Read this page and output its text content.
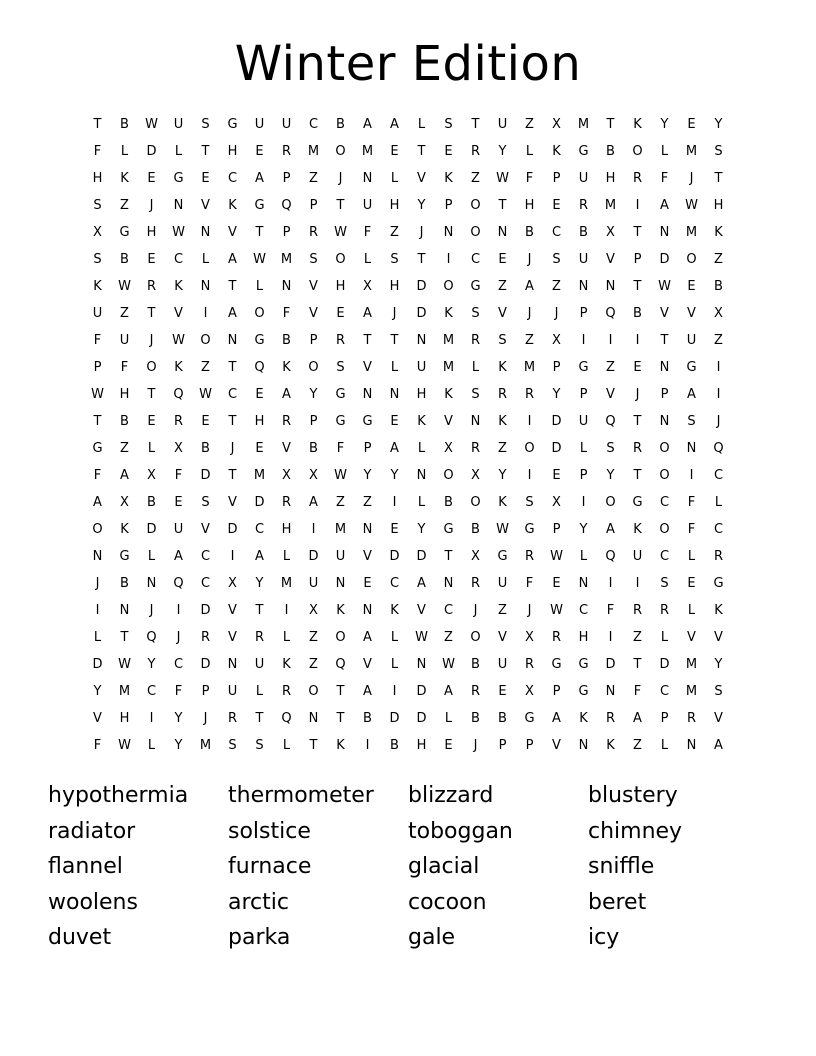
Winter Edition
T	B	W	U	S	G	U	U	C	B	A	A	L	S	T	U	Z	X	M	T	K	Y	E	Y
F	L	D	L	T	H	E	R	M	O	M	E	T	E	R	Y	L	K	G	B	O	L	M	S
H	K	E	G	E	C	A	P	Z	J	N	L	V	K	Z	W	F	P	U	H	R	F	J	T
S	Z	J	N	V	K	G	Q	P	T	U	H	Y	P	O	T	H	E	R	M	I	A	W	H
X	G	H	W	N	V	T	P	R	W	F	Z	J	N	O	N	B	C	B	X	T	N	M	K
S	B	E	C	L	A	W	M	S	O	L	S	T	I	C	E	J	S	U	V	P	D	O	Z
K	W	R	K	N	T	L	N	V	H	X	H	D	O	G	Z	A	Z	N	N	T	W	E	B
U	Z	T	V	I	A	O	F	V	E	A	J	D	K	S	V	J	J	P	Q	B	V	V	X
F	U	J	W	O	N	G	B	P	R	T	T	N	M	R	S	Z	X	I	I	I	T	U	Z
P	F	O	K	Z	T	Q	K	O	S	V	L	U	M	L	K	M	P	G	Z	E	N	G	I
W	H	T	Q	W	C	E	A	Y	G	N	N	H	K	S	R	R	Y	P	V	J	P	A	I
T	B	E	R	E	T	H	R	P	G	G	E	K	V	N	K	I	D	U	Q	T	N	S	J
G	Z	L	X	B	J	E	V	B	F	P	A	L	X	R	Z	O	D	L	S	R	O	N	Q
F	A	X	F	D	T	M	X	X	W	Y	Y	N	O	X	Y	I	E	P	Y	T	O	I	C
A	X	B	E	S	V	D	R	A	Z	Z	I	L	B	O	K	S	X	I	O	G	C	F	L
O	K	D	U	V	D	C	H	I	M	N	E	Y	G	B	W	G	P	Y	A	K	O	F	C
N	G	L	A	C	I	A	L	D	U	V	D	D	T	X	G	R	W	L	Q	U	C	L	R
J	B	N	Q	C	X	Y	M	U	N	E	C	A	N	R	U	F	E	N	I	I	S	E	G
I	N	J	I	D	V	T	I	X	K	N	K	V	C	J	Z	J	W	C	F	R	R	L	K
L	T	Q	J	R	V	R	L	Z	O	A	L	W	Z	O	V	X	R	H	I	Z	L	V	V
D	W	Y	C	D	N	U	K	Z	Q	V	L	N	W	B	U	R	G	G	D	T	D	M	Y
Y	M	C	F	P	U	L	R	O	T	A	I	D	A	R	E	X	P	G	N	F	C	M	S
V	H	I	Y	J	R	T	Q	N	T	B	D	D	L	B	B	G	A	K	R	A	P	R	V
F	W	L	Y	M	S	S	L	T	K	I	B	H	E	J	P	P	V	N	K	Z	L	N	A
hypothermia	thermometer	blizzard	blustery
radiator	solstice	toboggan	chimney
flannel	furnace	glacial	sniffle
woolens	arctic	cocoon	beret
duvet	parka	gale	icy
